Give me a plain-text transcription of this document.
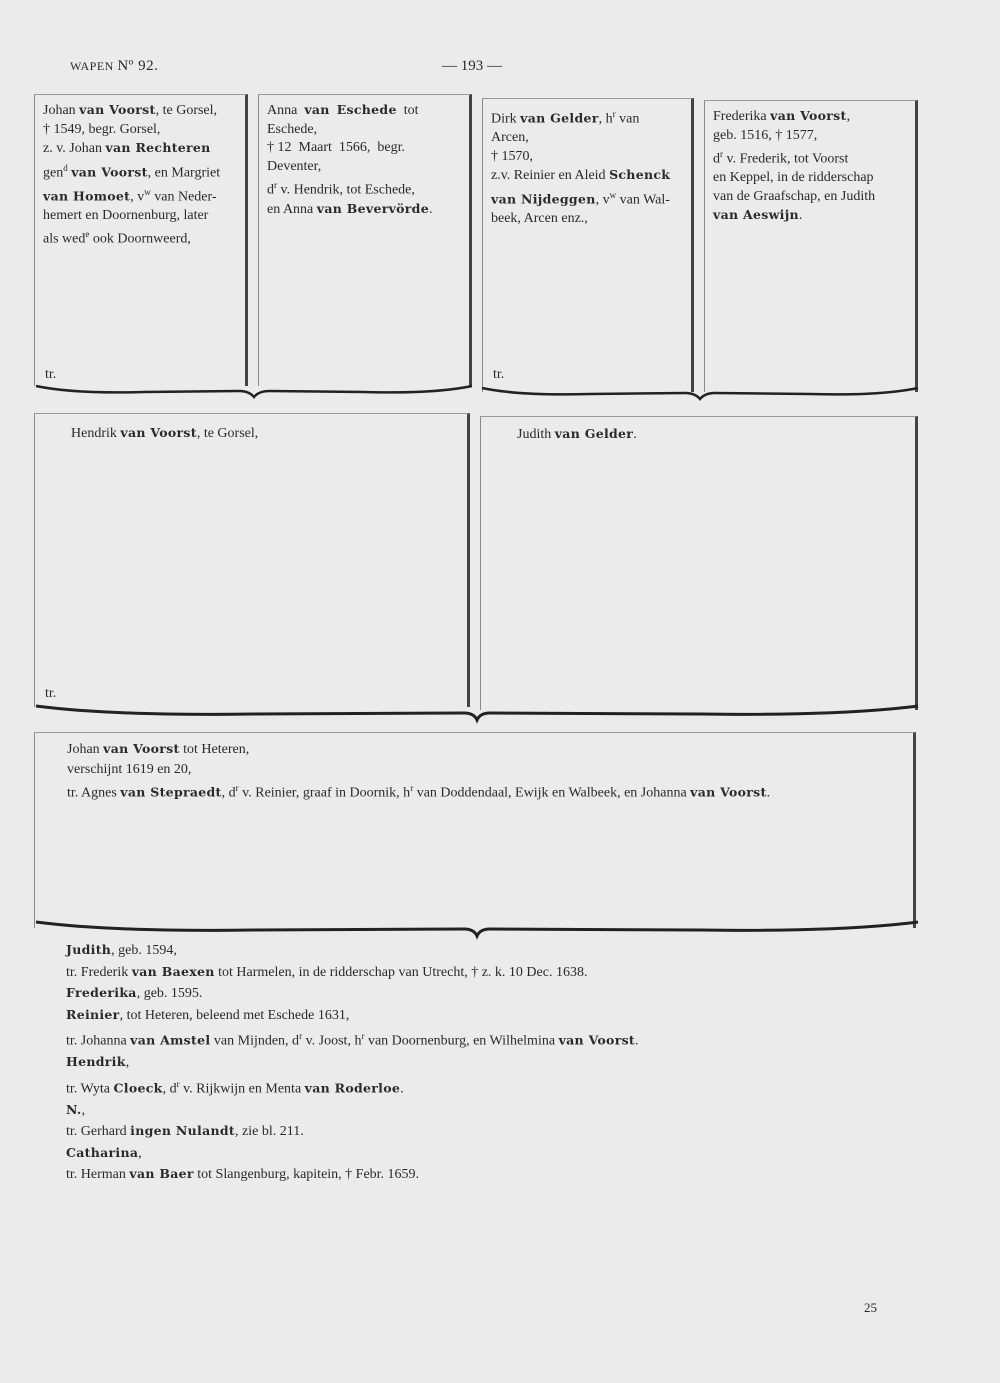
WAPEN Nº 92.	— 193 —
Johan van Voorst, te Gorsel,
† 1549, begr. Gorsel,
z. v. Johan van Rechteren
gen$^d$ van Voorst, en Margriet
van Homoet, $v^w$ van Neder-
hemert en Doornenburg, later
als wed$^e$ ook Doornweerd,
tr.
Anna  van Eschede  tot
Eschede,
† 12  Maart  1566,  begr.
Deventer,
$d^r$ v. Hendrik, tot Eschede,
en Anna van Bevervörde.
Dirk van Gelder, $h^r$ van
Arcen,
† 1570,
z.v. Reinier en Aleid Schenck
van Nijdeggen, $v^w$ van Wal-
beek, Arcen enz.,
tr.
Frederika van Voorst,
geb. 1516, † 1577,
$d^r$ v. Frederik, tot Voorst
en Keppel, in de ridderschap
van de Graafschap, en Judith
van Aeswijn.
Hendrik van Voorst, te Gorsel,
tr.
Judith van Gelder.
Johan van Voorst tot Heteren,
verschijnt 1619 en 20,
tr. Agnes van Stepraedt, $d^r$ v. Reinier, graaf in Doornik, $h^r$ van Doddendaal, Ewijk en Walbeek, en Johanna van Voorst.
Judith, geb. 1594,
tr. Frederik van Baexen tot Harmelen, in de ridderschap van Utrecht, † z. k. 10 Dec. 1638.
Frederika, geb. 1595.
Reinier, tot Heteren, beleend met Eschede 1631,
tr. Johanna van Amstel van Mijnden, $d^r$ v. Joost, $h^r$ van Doornenburg, en Wilhelmina van Voorst.
Hendrik,
tr. Wyta Cloeck, $d^r$ v. Rijkwijn en Menta van Roderloe.
N.,
tr. Gerhard ingen Nulandt, zie bl. 211.
Catharina,
tr. Herman van Baer tot Slangenburg, kapitein, † Febr. 1659.
25
